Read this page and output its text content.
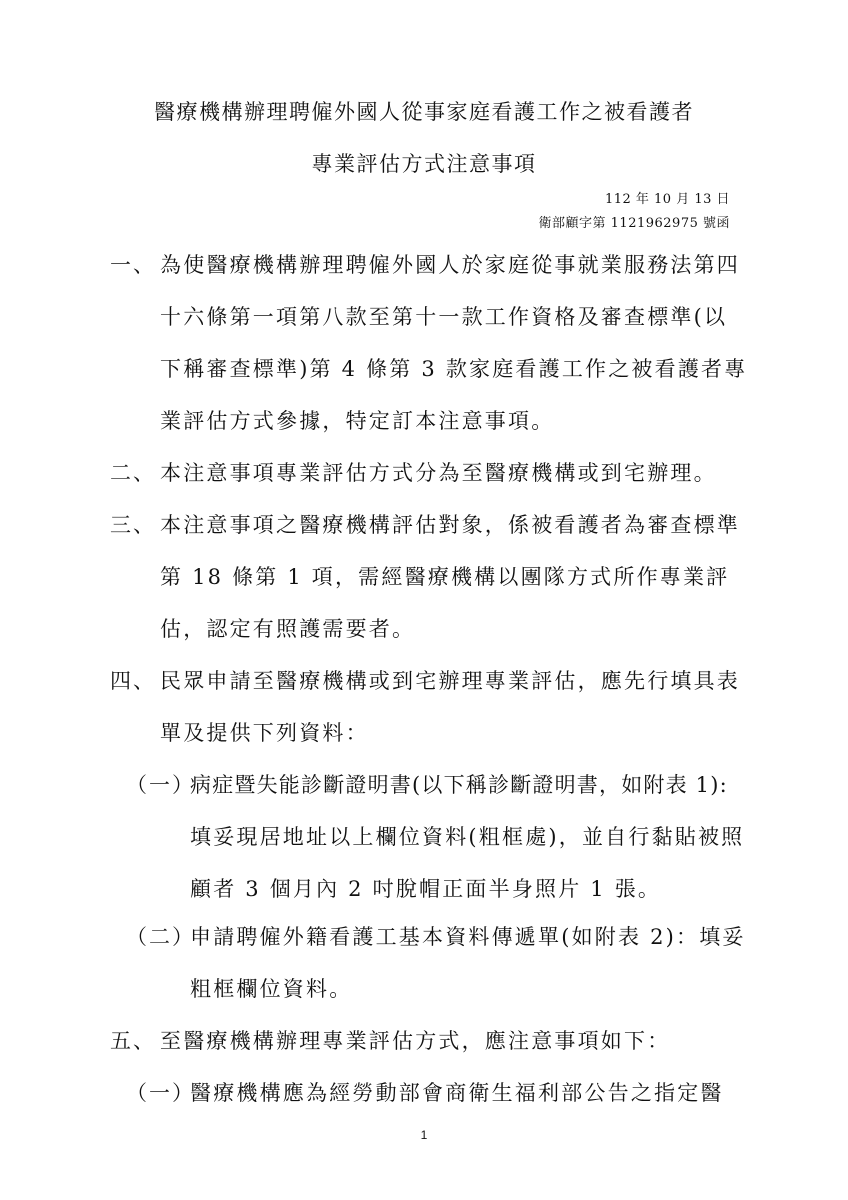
醫療機構辦理聘僱外國人從事家庭看護工作之被看護者
專業評估方式注意事項
112 年 10 月 13 日
衛部顧字第 1121962975 號函
一、 為使醫療機構辦理聘僱外國人於家庭從事就業服務法第四
十六條第一項第八款至第十一款工作資格及審查標準(以
下稱審查標準)第 4 條第 3 款家庭看護工作之被看護者專
業評估方式參據，特定訂本注意事項。
二、 本注意事項專業評估方式分為至醫療機構或到宅辦理。
三、 本注意事項之醫療機構評估對象，係被看護者為審查標準
第 18 條第 1 項，需經醫療機構以團隊方式所作專業評
估，認定有照護需要者。
四、 民眾申請至醫療機構或到宅辦理專業評估，應先行填具表
單及提供下列資料：
（一）
病症暨失能診斷證明書(以下稱診斷證明書，如附表 1):
填妥現居地址以上欄位資料(粗框處)，並自行黏貼被照
顧者 3 個月內 2 吋脫帽正面半身照片 1 張。
（二）
申請聘僱外籍看護工基本資料傳遞單(如附表 2)：填妥
粗框欄位資料。
五、 至醫療機構辦理專業評估方式，應注意事項如下：
（一）
醫療機構應為經勞動部會商衛生福利部公告之指定醫
1
